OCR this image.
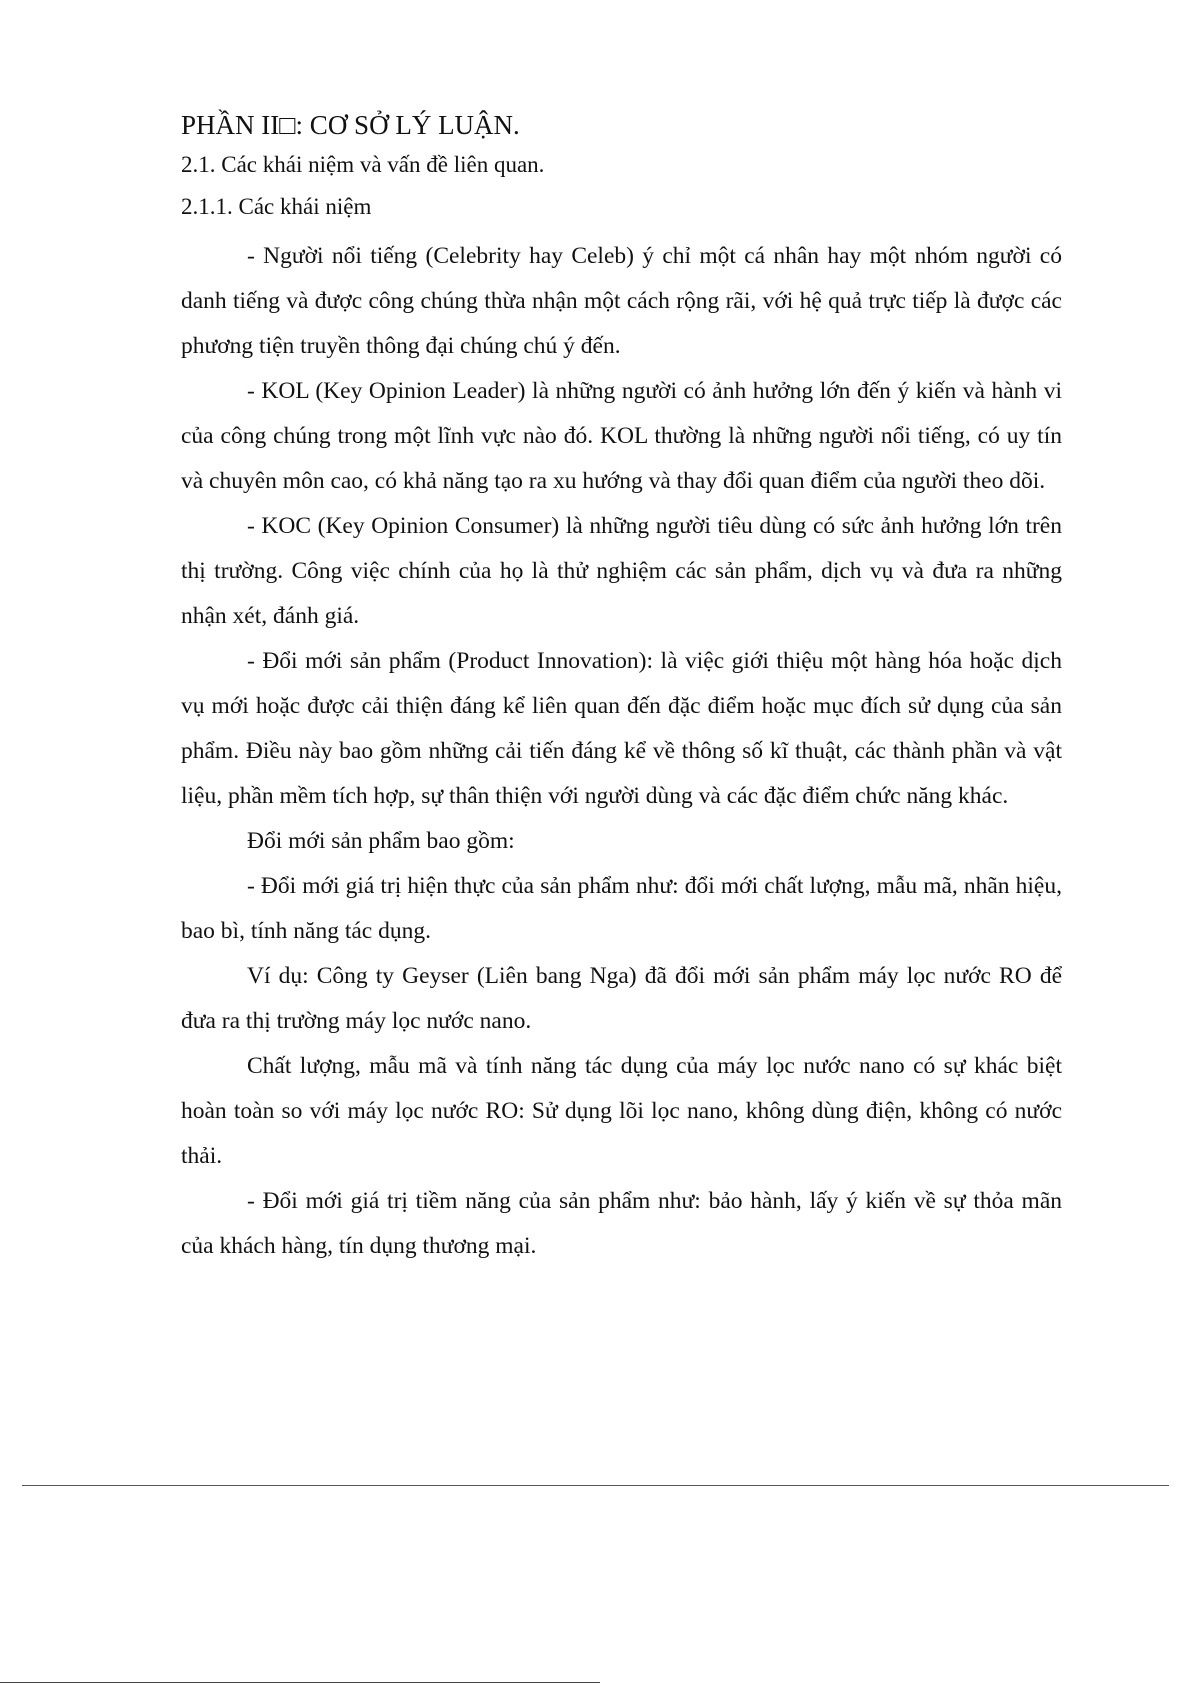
PHẦN II□: CƠ SỞ LÝ LUẬN.
2.1. Các khái niệm và vấn đề liên quan.
2.1.1. Các khái niệm

- Người nổi tiếng (Celebrity hay Celeb) ý chỉ một cá nhân hay một nhóm người có danh tiếng và được công chúng thừa nhận một cách rộng rãi, với hệ quả trực tiếp là được các phương tiện truyền thông đại chúng chú ý đến.

- KOL (Key Opinion Leader) là những người có ảnh hưởng lớn đến ý kiến và hành vi của công chúng trong một lĩnh vực nào đó. KOL thường là những người nổi tiếng, có uy tín và chuyên môn cao, có khả năng tạo ra xu hướng và thay đổi quan điểm của người theo dõi.

- KOC (Key Opinion Consumer) là những người tiêu dùng có sức ảnh hưởng lớn trên thị trường. Công việc chính của họ là thử nghiệm các sản phẩm, dịch vụ và đưa ra những nhận xét, đánh giá.

- Đổi mới sản phẩm (Product Innovation): là việc giới thiệu một hàng hóa hoặc dịch vụ mới hoặc được cải thiện đáng kể liên quan đến đặc điểm hoặc mục đích sử dụng của sản phẩm. Điều này bao gồm những cải tiến đáng kể về thông số kĩ thuật, các thành phần và vật liệu, phần mềm tích hợp, sự thân thiện với người dùng và các đặc điểm chức năng khác.

Đổi mới sản phẩm bao gồm:

- Đổi mới giá trị hiện thực của sản phẩm như: đổi mới chất lượng, mẫu mã, nhãn hiệu, bao bì, tính năng tác dụng.

Ví dụ: Công ty Geyser (Liên bang Nga) đã đổi mới sản phẩm máy lọc nước RO để đưa ra thị trường máy lọc nước nano.

Chất lượng, mẫu mã và tính năng tác dụng của máy lọc nước nano có sự khác biệt hoàn toàn so với máy lọc nước RO: Sử dụng lõi lọc nano, không dùng điện, không có nước thải.

- Đổi mới giá trị tiềm năng của sản phẩm như: bảo hành, lấy ý kiến về sự thỏa mãn của khách hàng, tín dụng thương mại.
